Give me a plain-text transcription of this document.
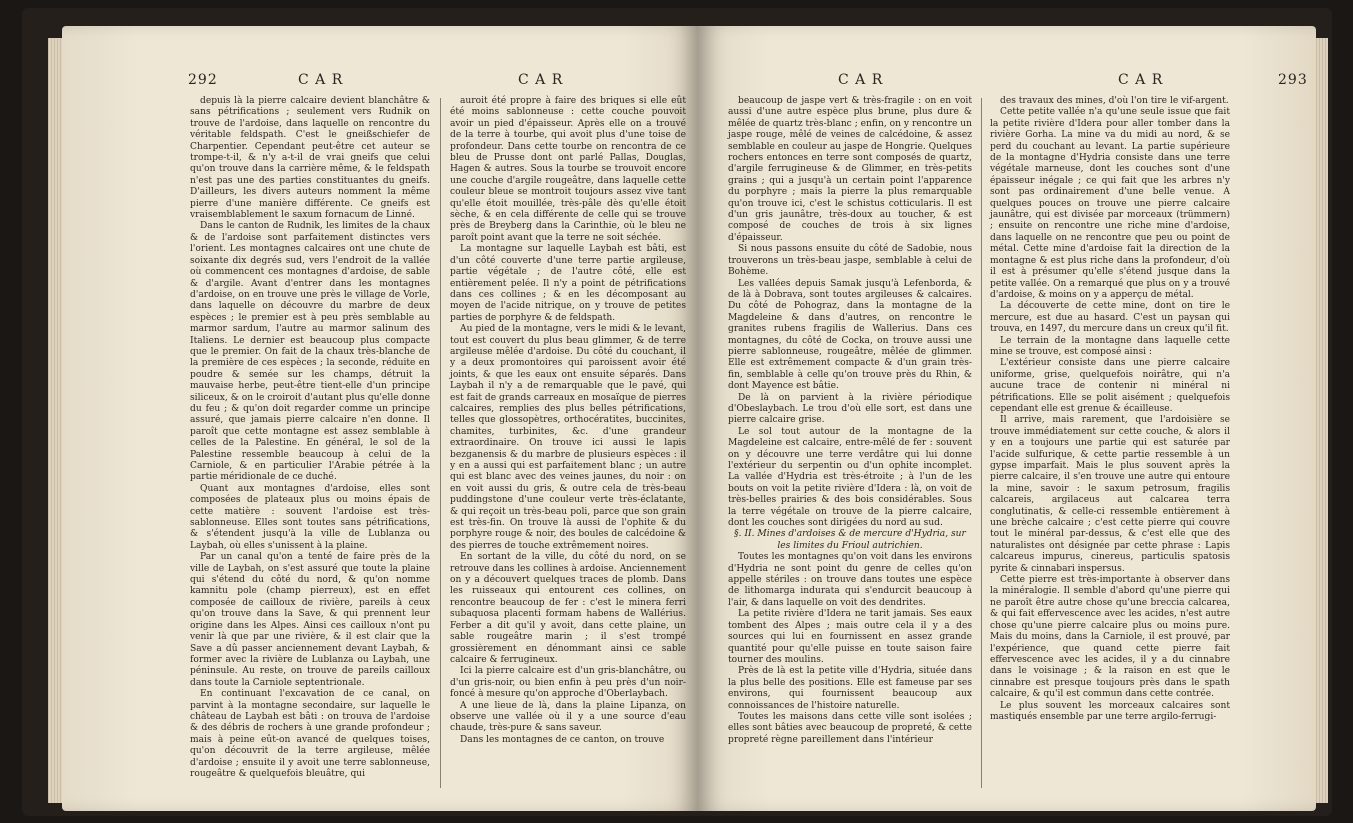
292	C A R	C A R

depuis là la pierre calcaire devient blanchâtre & sans pétrifications ; seulement vers Rudnik on trouve de l'ardoise, dans laquelle on rencontre du véritable feldspath. C'est le gneißschiefer de Charpentier. Cependant peut-être cet auteur se trompe-t-il, & n'y a-t-il de vrai gneifs que celui qu'on trouve dans la carrière même, & le feldspath n'est pas une des parties constituantes du gneifs. D'ailleurs, les divers auteurs nomment la même pierre d'une manière différente. Ce gneifs est vraisemblablement le saxum fornacum de Linné.

Dans le canton de Rudnik, les limites de la chaux & de l'ardoise sont parfaitement distinctes vers l'orient. Les montagnes calcaires ont une chute de soixante dix degrés sud, vers l'endroit de la vallée où commencent ces montagnes d'ardoise, de sable & d'argile. Avant d'entrer dans les montagnes d'ardoise, on en trouve une près le village de Vorle, dans laquelle on découvre du marbre de deux espèces ; le premier est à peu près semblable au marmor sardum, l'autre au marmor salinum des Italiens. Le dernier est beaucoup plus compacte que le premier. On fait de la chaux très-blanche de la première de ces espèces ; la seconde, réduite en poudre & semée sur les champs, détruit la mauvaise herbe, peut-être tient-elle d'un principe siliceux, & on le croiroit d'autant plus qu'elle donne du feu ; & qu'on doit regarder comme un principe assuré, que jamais pierre calcaire n'en donne. Il paroît que cette montagne est assez semblable à celles de la Palestine. En général, le sol de la Palestine ressemble beaucoup à celui de la Carniole, & en particulier l'Arabie pétrée à la partie méridionale de ce duché.

Quant aux montagnes d'ardoise, elles sont composées de plateaux plus ou moins épais de cette matière : souvent l'ardoise est très-sablonneuse. Elles sont toutes sans pétrifications, & s'étendent jusqu'à la ville de Lublanza ou Laybah, où elles s'unissent à la plaine.

Par un canal qu'on a tenté de faire près de la ville de Laybah, on s'est assuré que toute la plaine qui s'étend du côté du nord, & qu'on nomme kamnitu pole (champ pierreux), est en effet composée de cailloux de rivière, pareils à ceux qu'on trouve dans la Save, & qui prennent leur origine dans les Alpes. Ainsi ces cailloux n'ont pu venir là que par une rivière, & il est clair que la Save a dû passer anciennement devant Laybah, & former avec la rivière de Lublanza ou Laybah, une péninsule. Au reste, on trouve de pareils cailloux dans toute la Carniole septentrionale.

En continuant l'excavation de ce canal, on parvint à la montagne secondaire, sur laquelle le château de Laybah est bâti : on trouva de l'ardoise & des débris de rochers à une grande profondeur ; mais à peine eût-on avancé de quelques toises, qu'on découvrit de la terre argileuse, mêlée d'ardoise ; ensuite il y avoit une terre sablonneuse, rougeâtre & quelquefois bleuâtre, qui

auroit été propre à faire des briques si elle eût été moins sablonneuse : cette couche pouvoit avoir un pied d'épaisseur. Après elle on a trouvé de la terre à tourbe, qui avoit plus d'une toise de profondeur. Dans cette tourbe on rencontra de ce bleu de Prusse dont ont parlé Pallas, Douglas, Hagen & autres. Sous la tourbe se trouvoit encore une couche d'argile rougeâtre, dans laquelle cette couleur bleue se montroit toujours assez vive tant qu'elle étoit mouillée, très-pâle dès qu'elle étoit sèche, & en cela différente de celle qui se trouve près de Breyberg dans la Carinthie, où le bleu ne paroît point avant que la terre ne soit séchée.

La montagne sur laquelle Laybah est bâti, est d'un côté couverte d'une terre partie argileuse, partie végétale ; de l'autre côté, elle est entièrement pelée. Il n'y a point de pétrifications dans ces collines ; & en les décomposant au moyen de l'acide nitrique, on y trouve de petites parties de porphyre & de feldspath.

Au pied de la montagne, vers le midi & le levant, tout est couvert du plus beau glimmer, & de terre argileuse mêlée d'ardoise. Du côté du couchant, il y a deux promontoires qui paroissent avoir été joints, & que les eaux ont ensuite séparés. Dans Laybah il n'y a de remarquable que le pavé, qui est fait de grands carreaux en mosaïque de pierres calcaires, remplies des plus belles pétrifications, telles que glossopètres, orthocératites, buccinites, chamites, turbinites, &c. d'une grandeur extraordinaire. On trouve ici aussi le lapis bezganensis & du marbre de plusieurs espèces : il y en a aussi qui est parfaitement blanc ; un autre qui est blanc avec des veines jaunes, du noir : on en voit aussi du gris, & outre cela de très-beau puddingstone d'une couleur verte très-éclatante, & qui reçoit un très-beau poli, parce que son grain est très-fin. On trouve là aussi de l'ophite & du porphyre rouge & noir, des boules de calcédoine & des pierres de touche extrêmement noires.

En sortant de la ville, du côté du nord, on se retrouve dans les collines à ardoise. Anciennement on y a découvert quelques traces de plomb. Dans les ruisseaux qui entourent ces collines, on rencontre beaucoup de fer : c'est le minera ferri subaquosa placenti formam habens de Wallérius. Ferber a dit qu'il y avoit, dans cette plaine, un sable rougeâtre marin ; il s'est trompé grossièrement en dénommant ainsi ce sable calcaire & ferrugineux.

Ici la pierre calcaire est d'un gris-blanchâtre, ou d'un gris-noir, ou bien enfin à peu près d'un noir-foncé à mesure qu'on approche d'Oberlaybach.

A une lieue de là, dans la plaine Lipanza, on observe une vallée où il y a une source d'eau chaude, très-pure & sans saveur.

Dans les montagnes de ce canton, on trouve

C A R	C A R	293

beaucoup de jaspe vert & très-fragile : on en voit aussi d'une autre espèce plus brune, plus dure & mêlée de quartz très-blanc ; enfin, on y rencontre un jaspe rouge, mêlé de veines de calcédoine, & assez semblable en couleur au jaspe de Hongrie. Quelques rochers entonces en terre sont composés de quartz, d'argile ferrugineuse & de Glimmer, en très-petits grains ; qui a jusqu'à un certain point l'apparence du porphyre ; mais la pierre la plus remarquable qu'on trouve ici, c'est le schistus cotticularis. Il est d'un gris jaunâtre, très-doux au toucher, & est composé de couches de trois à six lignes d'épaisseur.

Si nous passons ensuite du côté de Sadobie, nous trouverons un très-beau jaspe, semblable à celui de Bohème.

Les vallées depuis Samak jusqu'à Lefenborda, & de là à Dobrava, sont toutes argileuses & calcaires. Du côté de Pohograz, dans la montagne de la Magdeleine & dans d'autres, on rencontre le granites rubens fragilis de Wallerius. Dans ces montagnes, du côté de Cocka, on trouve aussi une pierre sablonneuse, rougeâtre, mêlée de glimmer. Elle est extrêmement compacte & d'un grain très-fin, semblable à celle qu'on trouve près du Rhin, & dont Mayence est bâtie.

De là on parvient à la rivière périodique d'Obeslaybach. Le trou d'où elle sort, est dans une pierre calcaire grise.

Le sol tout autour de la montagne de la Magdeleine est calcaire, entre-mêlé de fer : souvent on y découvre une terre verdâtre qui lui donne l'extérieur du serpentin ou d'un ophite incomplet. La vallée d'Hydria est très-étroite ; à l'un de les bouts on voit la petite rivière d'Idera : là, on voit de très-belles prairies & des bois considérables. Sous la terre végétale on trouve de la pierre calcaire, dont les couches sont dirigées du nord au sud.

§. II. Mines d'ardoises & de mercure d'Hydria, sur les limites du Frioul autrichien.

Toutes les montagnes qu'on voit dans les environs d'Hydria ne sont point du genre de celles qu'on appelle stériles : on trouve dans toutes une espèce de lithomarga indurata qui s'endurcit beaucoup à l'air, & dans laquelle on voit des dendrites.

La petite rivière d'Idera ne tarit jamais. Ses eaux tombent des Alpes ; mais outre cela il y a des sources qui lui en fournissent en assez grande quantité pour qu'elle puisse en toute saison faire tourner des moulins.

Près de là est la petite ville d'Hydria, située dans la plus belle des positions. Elle est fameuse par ses environs, qui fournissent beaucoup aux connoissances de l'histoire naturelle.

Toutes les maisons dans cette ville sont isolées ; elles sont bâties avec beaucoup de propreté, & cette propreté règne pareillement dans l'intérieur

des travaux des mines, d'où l'on tire le vif-argent.

Cette petite vallée n'a qu'une seule issue que fait la petite rivière d'Idera pour aller tomber dans la rivière Gorha. La mine va du midi au nord, & se perd du couchant au levant. La partie supérieure de la montagne d'Hydria consiste dans une terre végétale marneuse, dont les couches sont d'une épaisseur inégale ; ce qui fait que les arbres n'y sont pas ordinairement d'une belle venue. A quelques pouces on trouve une pierre calcaire jaunâtre, qui est divisée par morceaux (trümmern) ; ensuite on rencontre une riche mine d'ardoise, dans laquelle on ne rencontre que peu ou point de métal. Cette mine d'ardoise fait la direction de la montagne & est plus riche dans la profondeur, d'où il est à présumer qu'elle s'étend jusque dans la petite vallée. On a remarqué que plus on y a trouvé d'ardoise, & moins on y a apperçu de métal.

La découverte de cette mine, dont on tire le mercure, est due au hasard. C'est un paysan qui trouva, en 1497, du mercure dans un creux qu'il fit.

Le terrain de la montagne dans laquelle cette mine se trouve, est composé ainsi :

L'extérieur consiste dans une pierre calcaire uniforme, grise, quelquefois noirâtre, qui n'a aucune trace de contenir ni minéral ni pétrifications. Elle se polit aisément ; quelquefois cependant elle est grenue & écailleuse.

Il arrive, mais rarement, que l'ardoisière se trouve immédiatement sur cette couche, & alors il y en a toujours une partie qui est saturée par l'acide sulfurique, & cette partie ressemble à un gypse imparfait. Mais le plus souvent après la pierre calcaire, il s'en trouve une autre qui entoure la mine, savoir : le saxum petrosum, fragilis calcareis, argilaceus aut calcarea terra conglutinatis, & celle-ci ressemble entièrement à une brèche calcaire ; c'est cette pierre qui couvre tout le minéral par-dessus, & c'est elle que des naturalistes ont désignée par cette phrase : Lapis calcareus impurus, cinereus, particulis spatosis pyrite & cinnabari inspersus.

Cette pierre est très-importante à observer dans la minéralogie. Il semble d'abord qu'une pierre qui ne paroît être autre chose qu'une breccia calcarea, & qui fait effervescence avec les acides, n'est autre chose qu'une pierre calcaire plus ou moins pure. Mais du moins, dans la Carniole, il est prouvé, par l'expérience, que quand cette pierre fait effervescence avec les acides, il y a du cinnabre dans le voisinage ; & la raison en est que le cinnabre est presque toujours près dans le spath calcaire, & qu'il est commun dans cette contrée.

Le plus souvent les morceaux calcaires sont mastiqués ensemble par une terre argilo-ferrugi-
